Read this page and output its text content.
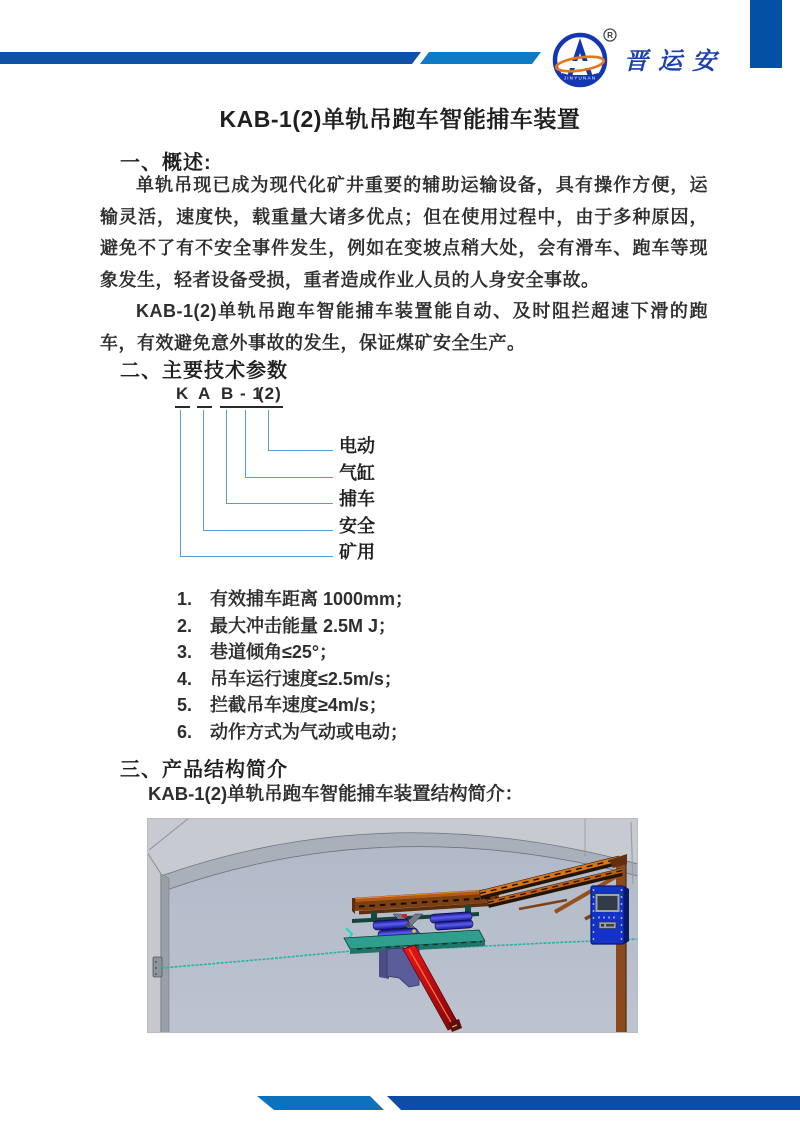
JINYUNAN
R
晋运安
KAB-1(2)单轨吊跑车智能捕车装置
一、概述:

单轨吊现已成为现代化矿井重要的辅助运输设备，具有操作方便，运输灵活，速度快，载重量大诸多优点；但在使用过程中，由于多种原因，避免不了有不安全事件发生，例如在变坡点稍大处，会有滑车、跑车等现象发生，轻者设备受损，重者造成作业人员的人身安全事故。

KAB-1(2)单轨吊跑车智能捕车装置能自动、及时阻拦超速下滑的跑车，有效避免意外事故的发生，保证煤矿安全生产。

二、主要技术参数
K A B - 1
(2)
电动
气缸
捕车
安全
矿用
1. 有效捕车距离 1000mm；
2. 最大冲击能量 2.5M J；
3. 巷道倾角≤25°；
4. 吊车运行速度≤2.5m/s；
5. 拦截吊车速度≥4m/s；
6. 动作方式为气动或电动；
三、产品结构简介
KAB-1(2)单轨吊跑车智能捕车装置结构简介：
